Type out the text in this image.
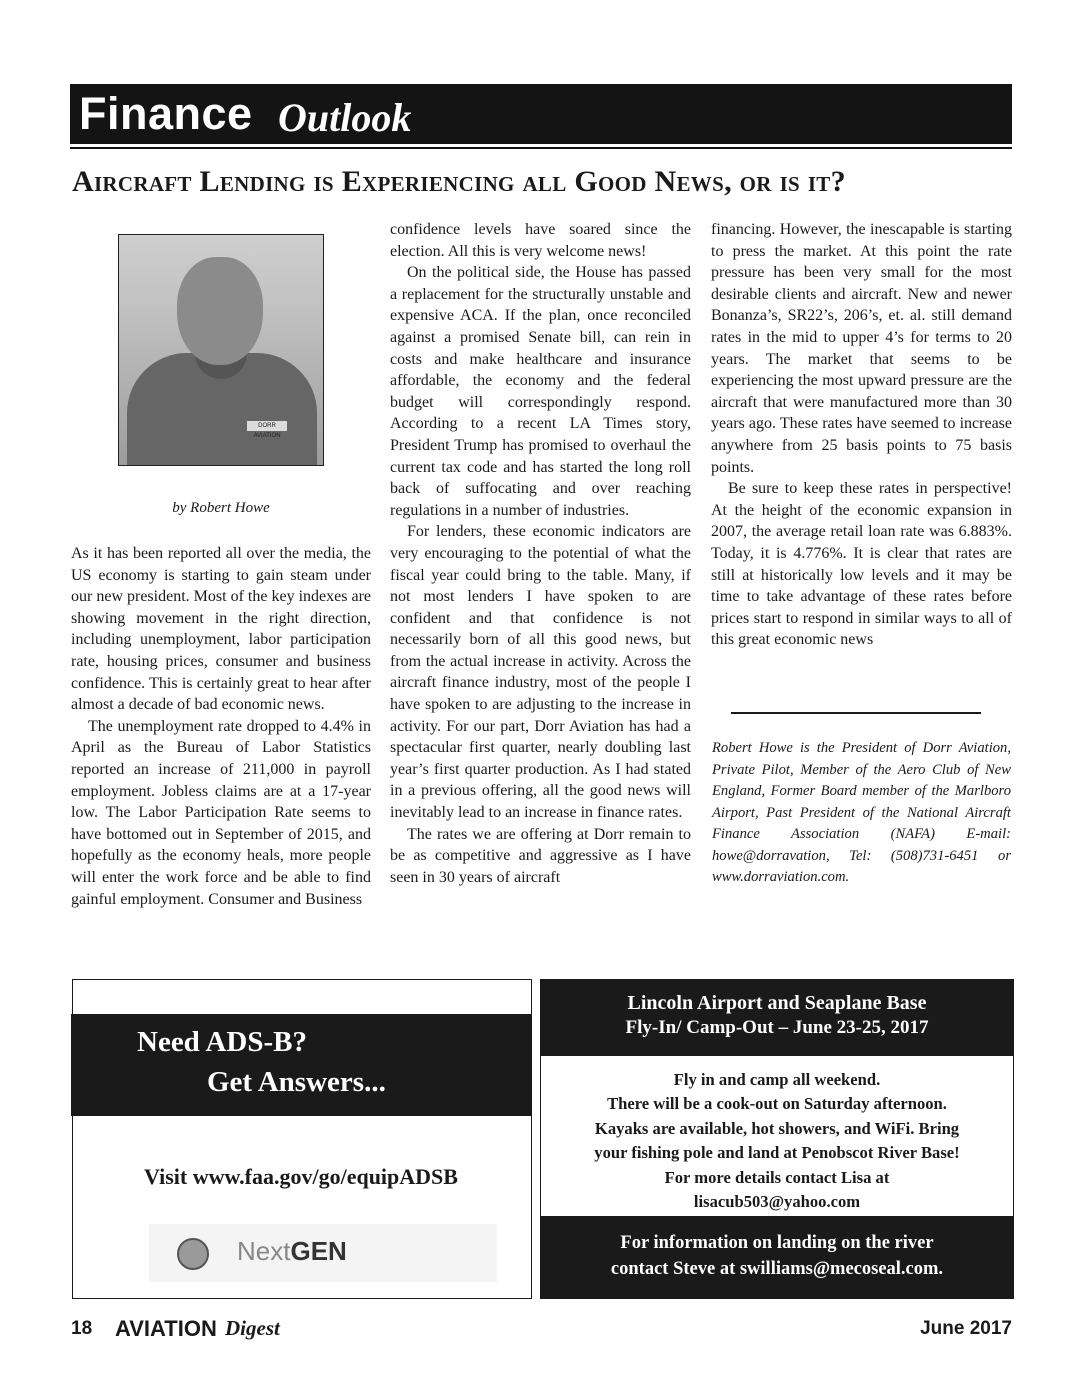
Finance Outlook
Aircraft Lending is Experiencing all Good News, or is it?
DORR AVIATION
by Robert Howe

As it has been reported all over the media, the US economy is starting to gain steam under our new president. Most of the key indexes are showing movement in the right direction, including unemployment, labor participation rate, housing prices, consumer and business confidence. This is certainly great to hear after almost a decade of bad economic news.

The unemployment rate dropped to 4.4% in April as the Bureau of Labor Statistics reported an increase of 211,000 in payroll employment. Jobless claims are at a 17-year low. The Labor Participation Rate seems to have bottomed out in September of 2015, and hopefully as the economy heals, more people will enter the work force and be able to find gainful employment. Consumer and Business

confidence levels have soared since the election. All this is very welcome news!

On the political side, the House has passed a replacement for the structurally unstable and expensive ACA. If the plan, once reconciled against a promised Senate bill, can rein in costs and make healthcare and insurance affordable, the economy and the federal budget will correspondingly respond. According to a recent LA Times story, President Trump has promised to overhaul the current tax code and has started the long roll back of suffocating and over reaching regulations in a number of industries.

For lenders, these economic indicators are very encouraging to the potential of what the fiscal year could bring to the table. Many, if not most lenders I have spoken to are confident and that confidence is not necessarily born of all this good news, but from the actual increase in activity. Across the aircraft finance industry, most of the people I have spoken to are adjusting to the increase in activity. For our part, Dorr Aviation has had a spectacular first quarter, nearly doubling last year’s first quarter production. As I had stated in a previous offering, all the good news will inevitably lead to an increase in finance rates.

The rates we are offering at Dorr remain to be as competitive and aggressive as I have seen in 30 years of aircraft

financing. However, the inescapable is starting to press the market. At this point the rate pressure has been very small for the most desirable clients and aircraft. New and newer Bonanza’s, SR22’s, 206’s, et. al. still demand rates in the mid to upper 4’s for terms to 20 years. The market that seems to be experiencing the most upward pressure are the aircraft that were manufactured more than 30 years ago. These rates have seemed to increase anywhere from 25 basis points to 75 basis points.

Be sure to keep these rates in perspective! At the height of the economic expansion in 2007, the average retail loan rate was 6.883%. Today, it is 4.776%. It is clear that rates are still at historically low levels and it may be time to take advantage of these rates before prices start to respond in similar ways to all of this great economic news

Robert Howe is the President of Dorr Aviation, Private Pilot, Member of the Aero Club of New England, Former Board member of the Marlboro Airport, Past President of the National Aircraft Finance Association (NAFA) E-mail: howe@dorravation, Tel: (508)731-6451 or www.dorraviation.com.
Need ADS-B?
Get Answers...
Visit www.faa.gov/go/equipADSB
NextGEN
Lincoln Airport and Seaplane Base
Fly-In/ Camp-Out – June 23-25, 2017
Fly in and camp all weekend.
There will be a cook-out on Saturday afternoon.
Kayaks are available, hot showers, and WiFi. Bring
your fishing pole and land at Penobscot River Base!
For more details contact Lisa at
lisacub503@yahoo.com
For information on landing on the river
contact Steve at swilliams@mecoseal.com.
18 AVIATION Digest	June 2017
